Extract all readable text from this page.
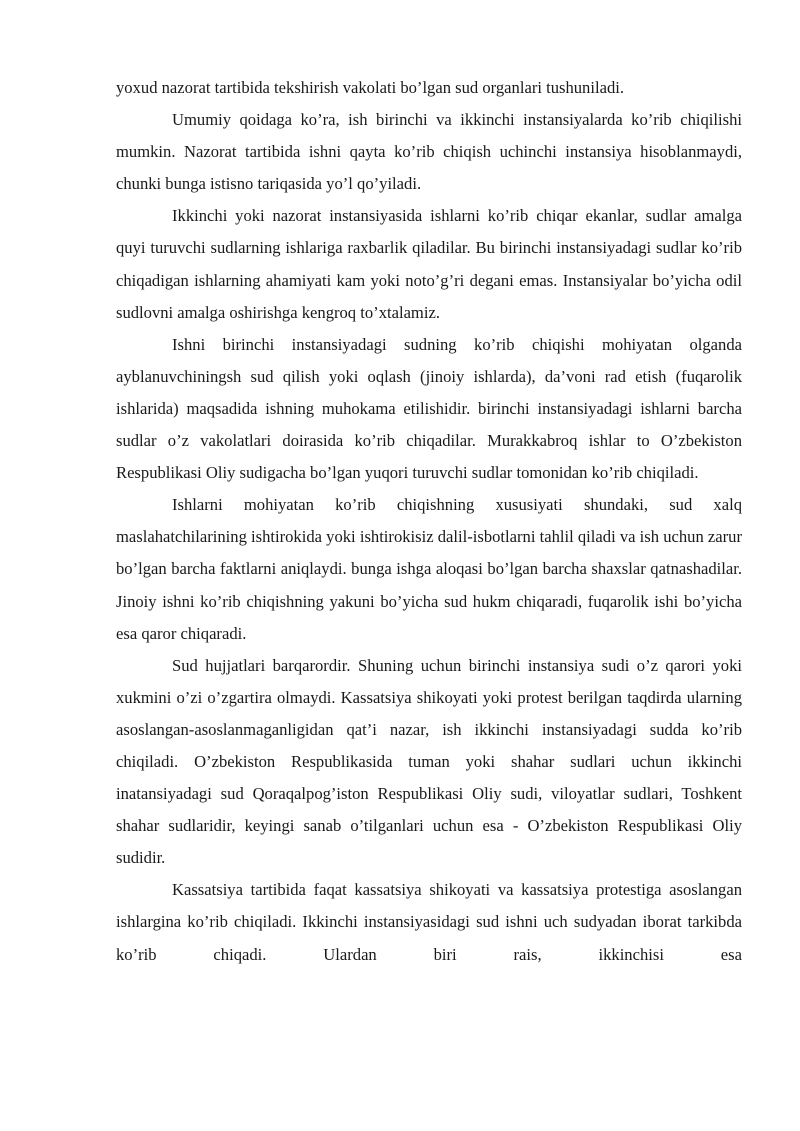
yoxud nazorat tartibida tekshirish vakolati bo’lgan sud organlari tushuniladi.

Umumiy qoidaga ko’ra, ish birinchi va ikkinchi instansiyalarda ko’rib chiqilishi mumkin. Nazorat tartibida ishni qayta ko’rib chiqish uchinchi instansiya hisoblanmaydi, chunki bunga istisno tariqasida yo’l qo’yiladi.

Ikkinchi yoki nazorat instansiyasida ishlarni ko’rib chiqar ekanlar, sudlar amalga quyi turuvchi sudlarning ishlariga raxbarlik qiladilar. Bu birinchi instansiyadagi sudlar ko’rib chiqadigan ishlarning ahamiyati kam yoki noto’g’ri degani emas. Instansiyalar bo’yicha odil sudlovni amalga oshirishga kengroq to’xtalamiz.

Ishni birinchi instansiyadagi sudning ko’rib chiqishi mohiyatan olganda ayblanuvchiningsh sud qilish yoki oqlash (jinoiy ishlarda), da’voni rad etish (fuqarolik ishlarida) maqsadida ishning muhokama etilishidir. birinchi instansiyadagi ishlarni barcha sudlar o’z vakolatlari doirasida ko’rib chiqadilar. Murakkabroq ishlar to O’zbekiston Respublikasi Oliy sudigacha bo’lgan yuqori turuvchi sudlar tomonidan ko’rib chiqiladi.

Ishlarni mohiyatan ko’rib chiqishning xususiyati shundaki, sud xalq maslahatchilarining ishtirokida yoki ishtirokisiz dalil-isbotlarni tahlil qiladi va ish uchun zarur bo’lgan barcha faktlarni aniqlaydi. bunga ishga aloqasi bo’lgan barcha shaxslar qatnashadilar. Jinoiy ishni ko’rib chiqishning yakuni bo’yicha sud hukm chiqaradi, fuqarolik ishi bo’yicha esa qaror chiqaradi.

Sud hujjatlari barqarordir. Shuning uchun birinchi instansiya sudi o’z qarori yoki xukmini o’zi o’zgartira olmaydi. Kassatsiya shikoyati yoki protest berilgan taqdirda ularning asoslangan-asoslanmaganligidan qat’i nazar, ish ikkinchi instansiyadagi sudda ko’rib chiqiladi. O’zbekiston Respublikasida tuman yoki shahar sudlari uchun ikkinchi inatansiyadagi sud Qoraqalpog’iston Respublikasi Oliy sudi, viloyatlar sudlari, Toshkent shahar sudlaridir, keyingi sanab o’tilganlari uchun esa - O’zbekiston Respublikasi Oliy sudidir.

Kassatsiya tartibida faqat kassatsiya shikoyati va kassatsiya protestiga asoslangan ishlargina ko’rib chiqiladi. Ikkinchi instansiyasidagi sud ishni uch sudyadan iborat tarkibda ko’rib chiqadi. Ulardan biri rais, ikkinchisi esa
